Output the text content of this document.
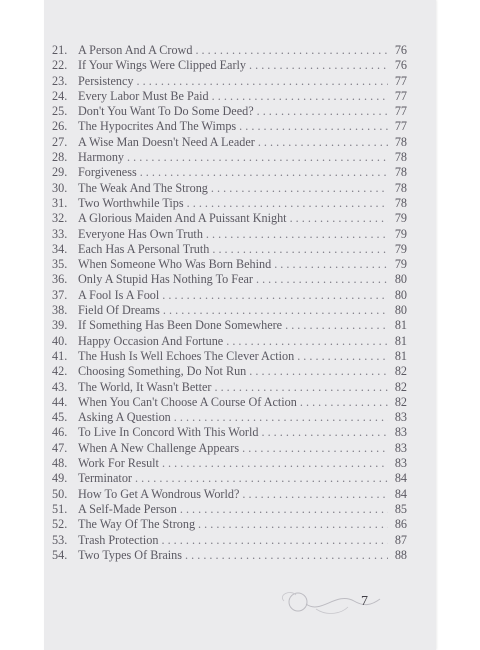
21. A Person And A Crowd . . .	76
22. If Your Wings Were Clipped Early . . .	76
23. Persistency . . .	77
24. Every Labor Must Be Paid . . .	77
25. Don't You Want To Do Some Deed? . . .	77
26. The Hypocrites And The Wimps . . .	77
27. A Wise Man Doesn't Need A Leader . . .	78
28. Harmony . . .	78
29. Forgiveness . . .	78
30. The Weak And The Strong . . .	78
31. Two Worthwhile Tips . . .	78
32. A Glorious Maiden And A Puissant Knight . . .	79
33. Everyone Has Own Truth . . .	79
34. Each Has A Personal Truth . . .	79
35. When Someone Who Was Born Behind . . .	79
36. Only A Stupid Has Nothing To Fear . . .	80
37. A Fool Is A Fool . . .	80
38. Field Of Dreams . . .	80
39. If Something Has Been Done Somewhere . . .	81
40. Happy Occasion And Fortune . . .	81
41. The Hush Is Well Echoes The Clever Action . . .	81
42. Choosing Something, Do Not Run . . .	82
43. The World, It Wasn't Better . . .	82
44. When You Can't Choose A Course Of Action . . .	82
45. Asking A Question . . .	83
46. To Live In Concord With This World . . .	83
47. When A New Challenge Appears . . .	83
48. Work For Result . . .	83
49. Terminator . . .	84
50. How To Get A Wondrous World? . . .	84
51. A Self-Made Person . . .	85
52. The Way Of The Strong . . .	86
53. Trash Protection . . .	87
54. Two Types Of Brains . . .	88
7
